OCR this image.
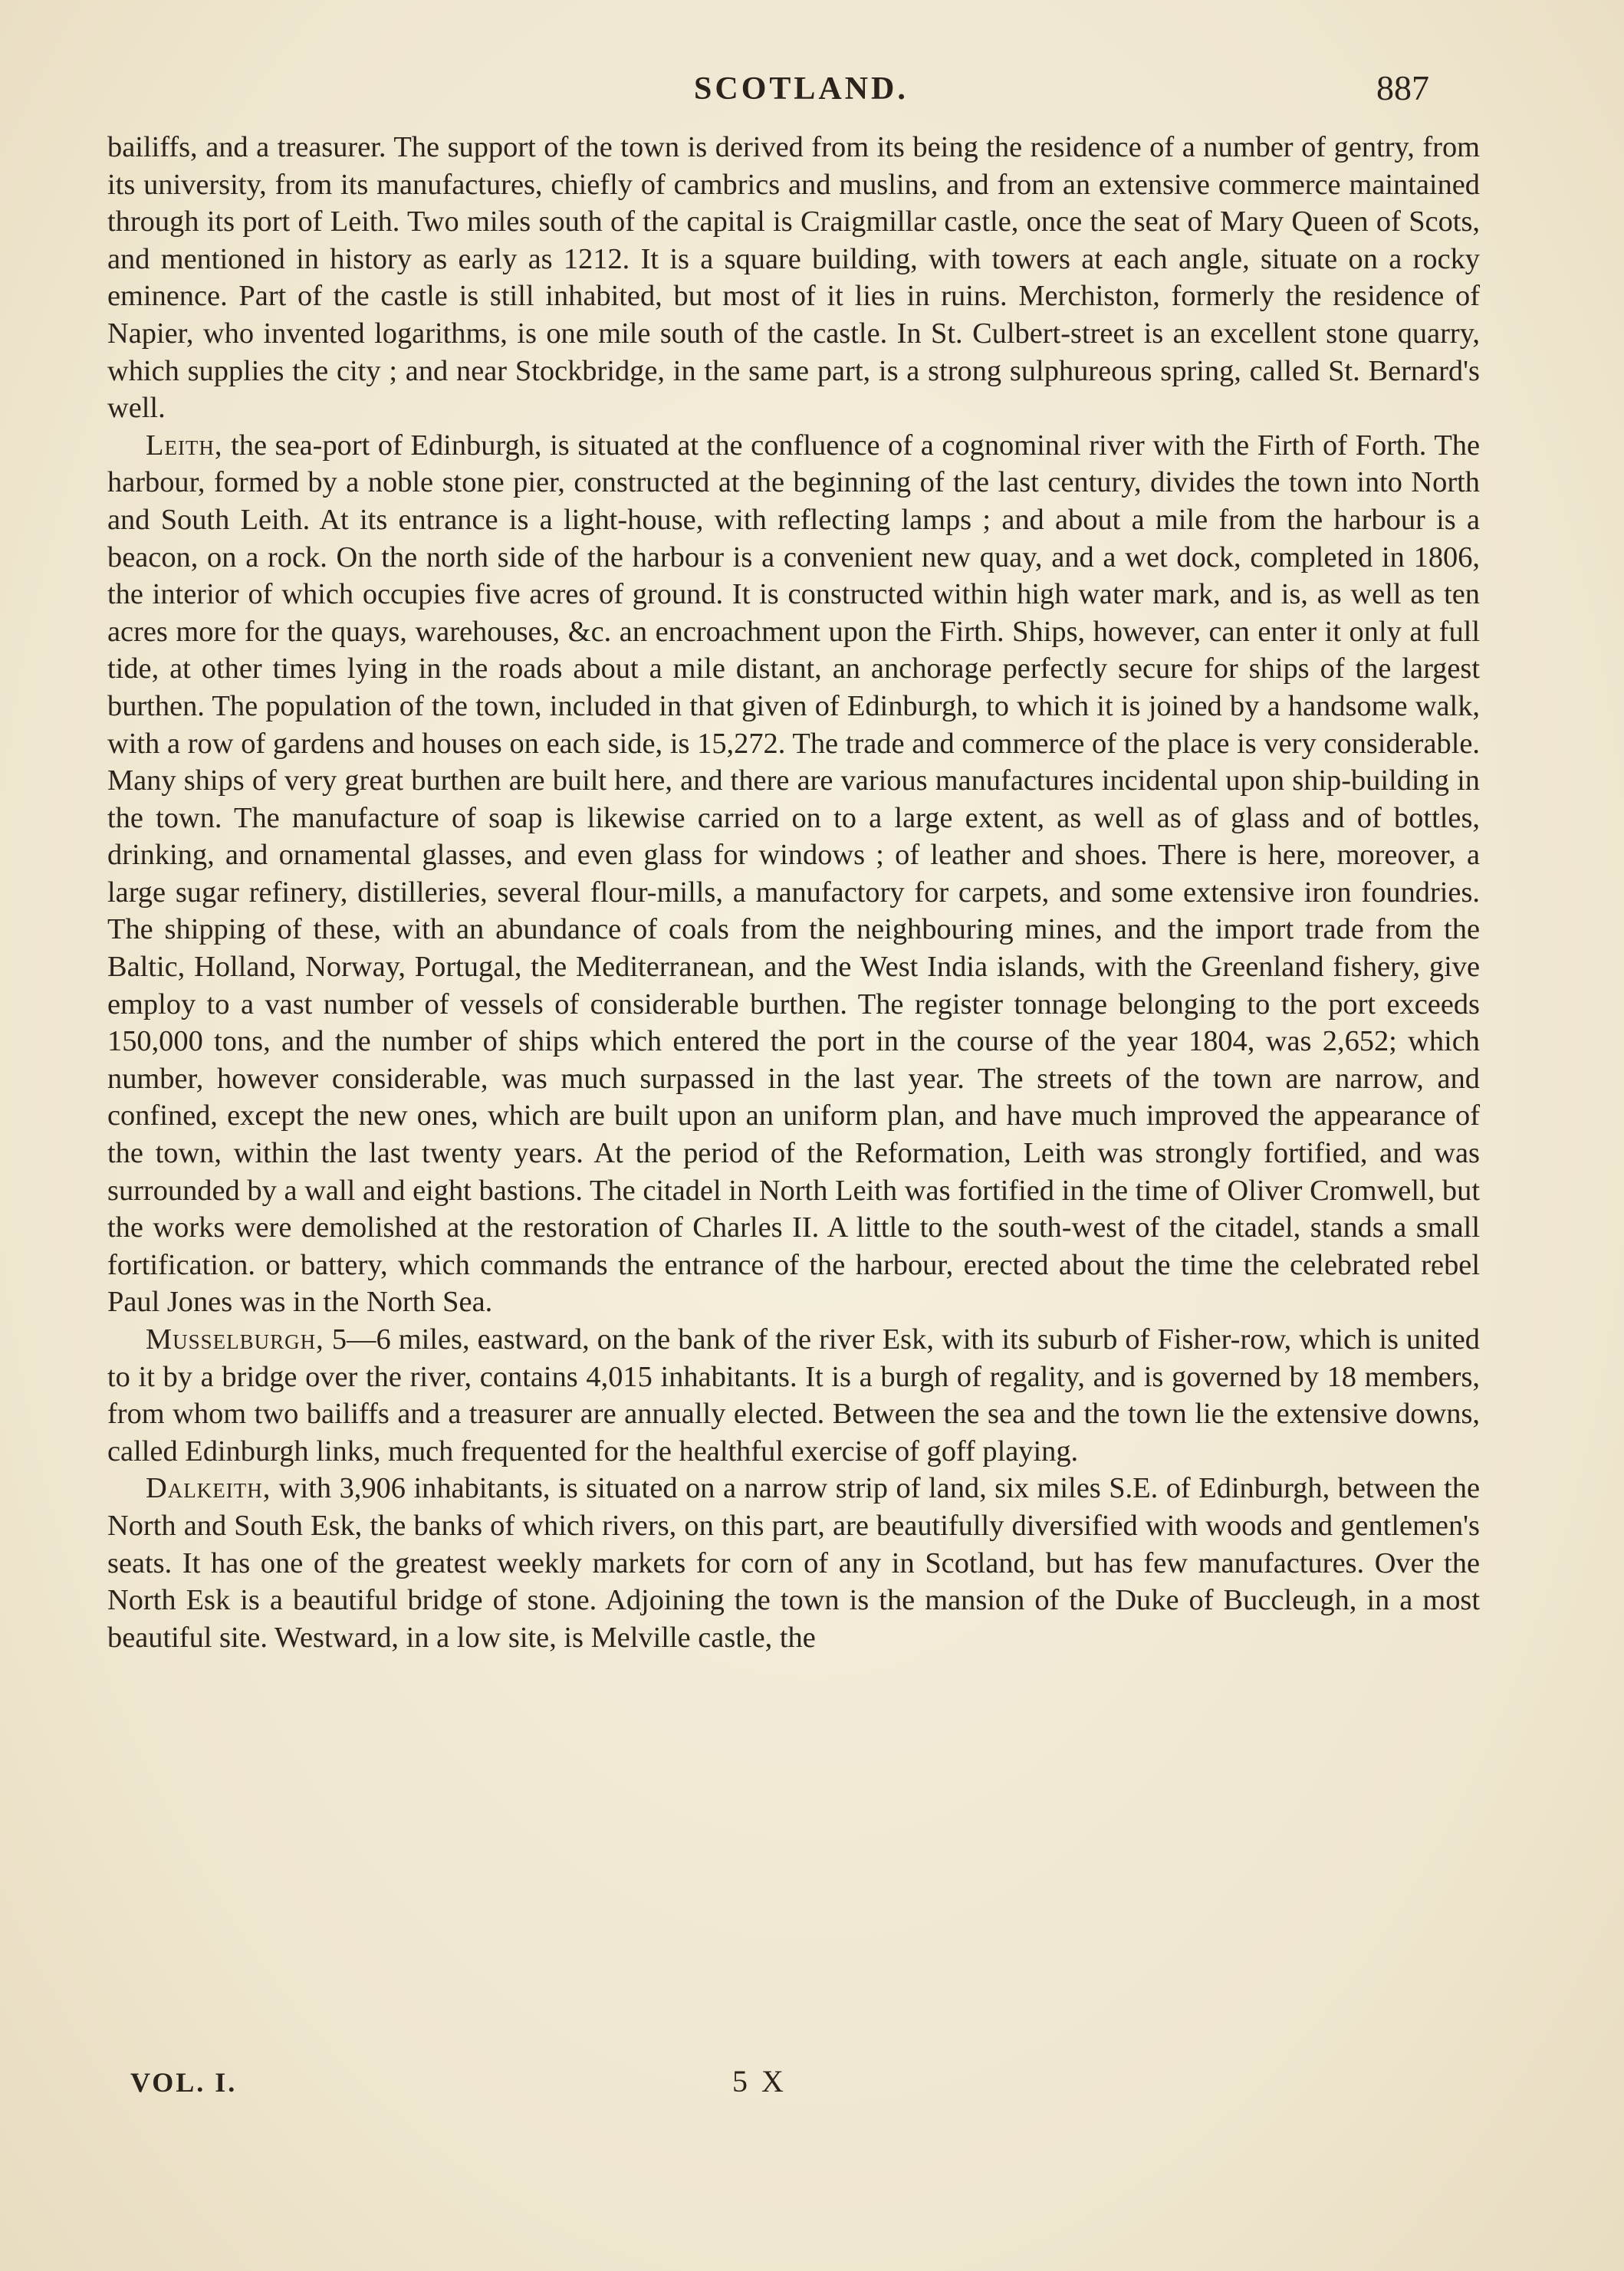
SCOTLAND.	887

bailiffs, and a treasurer. The support of the town is derived from its being the residence of a number of gentry, from its university, from its manufactures, chiefly of cambrics and muslins, and from an extensive commerce maintained through its port of Leith. Two miles south of the capital is Craigmillar castle, once the seat of Mary Queen of Scots, and mentioned in history as early as 1212. It is a square building, with towers at each angle, situate on a rocky eminence. Part of the castle is still inhabited, but most of it lies in ruins. Merchiston, formerly the residence of Napier, who invented logarithms, is one mile south of the castle. In St. Culbert-street is an excellent stone quarry, which supplies the city ; and near Stockbridge, in the same part, is a strong sulphureous spring, called St. Bernard's well.

Leith, the sea-port of Edinburgh, is situated at the confluence of a cognominal river with the Firth of Forth. The harbour, formed by a noble stone pier, constructed at the beginning of the last century, divides the town into North and South Leith. At its entrance is a light-house, with reflecting lamps ; and about a mile from the harbour is a beacon, on a rock. On the north side of the harbour is a convenient new quay, and a wet dock, completed in 1806, the interior of which occupies five acres of ground. It is constructed within high water mark, and is, as well as ten acres more for the quays, warehouses, &c. an encroachment upon the Firth. Ships, however, can enter it only at full tide, at other times lying in the roads about a mile distant, an anchorage perfectly secure for ships of the largest burthen. The population of the town, included in that given of Edinburgh, to which it is joined by a handsome walk, with a row of gardens and houses on each side, is 15,272. The trade and commerce of the place is very considerable. Many ships of very great burthen are built here, and there are various manufactures incidental upon ship-building in the town. The manufacture of soap is likewise carried on to a large extent, as well as of glass and of bottles, drinking, and ornamental glasses, and even glass for windows ; of leather and shoes. There is here, moreover, a large sugar refinery, distilleries, several flour-mills, a manufactory for carpets, and some extensive iron foundries. The shipping of these, with an abundance of coals from the neighbouring mines, and the import trade from the Baltic, Holland, Norway, Portugal, the Mediterranean, and the West India islands, with the Greenland fishery, give employ to a vast number of vessels of considerable burthen. The register tonnage belonging to the port exceeds 150,000 tons, and the number of ships which entered the port in the course of the year 1804, was 2,652; which number, however considerable, was much surpassed in the last year. The streets of the town are narrow, and confined, except the new ones, which are built upon an uniform plan, and have much improved the appearance of the town, within the last twenty years. At the period of the Reformation, Leith was strongly fortified, and was surrounded by a wall and eight bastions. The citadel in North Leith was fortified in the time of Oliver Cromwell, but the works were demolished at the restoration of Charles II. A little to the south-west of the citadel, stands a small fortification. or battery, which commands the entrance of the harbour, erected about the time the celebrated rebel Paul Jones was in the North Sea.

Musselburgh, 5—6 miles, eastward, on the bank of the river Esk, with its suburb of Fisher-row, which is united to it by a bridge over the river, contains 4,015 inhabitants. It is a burgh of regality, and is governed by 18 members, from whom two bailiffs and a treasurer are annually elected. Between the sea and the town lie the extensive downs, called Edinburgh links, much frequented for the healthful exercise of goff playing.

Dalkeith, with 3,906 inhabitants, is situated on a narrow strip of land, six miles S.E. of Edinburgh, between the North and South Esk, the banks of which rivers, on this part, are beautifully diversified with woods and gentlemen's seats. It has one of the greatest weekly markets for corn of any in Scotland, but has few manufactures. Over the North Esk is a beautiful bridge of stone. Adjoining the town is the mansion of the Duke of Buccleugh, in a most beautiful site. Westward, in a low site, is Melville castle, the

VOL. I.	5 X
